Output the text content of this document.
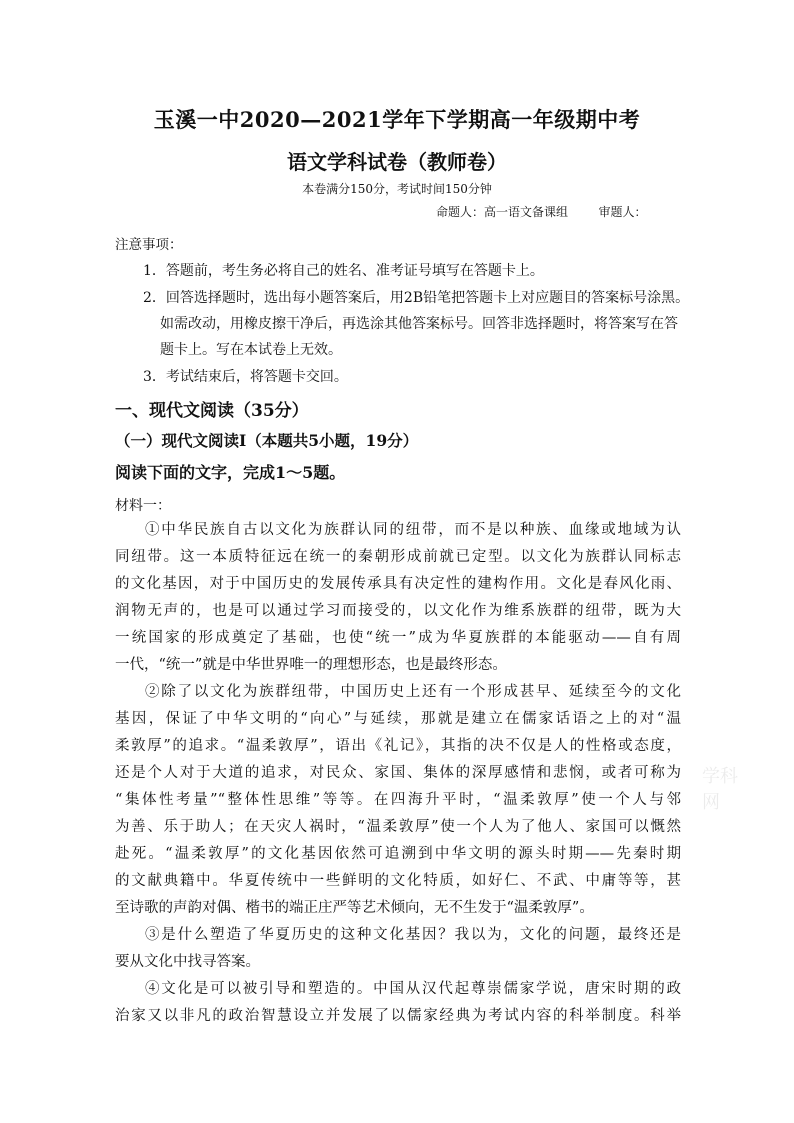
玉溪一中2020—2021学年下学期高一年级期中考
语文学科试卷（教师卷）
本卷满分150分，考试时间150分钟
命题人：高一语文备课组        审题人：
注意事项：
1．答题前，考生务必将自己的姓名、准考证号填写在答题卡上。
2．回答选择题时，选出每小题答案后，用2B铅笔把答题卡上对应题目的答案标号涂黑。
如需改动，用橡皮擦干净后，再选涂其他答案标号。回答非选择题时，将答案写在答
题卡上。写在本试卷上无效。
3．考试结束后，将答题卡交回。
一、现代文阅读（35分）
（一）现代文阅读Ⅰ（本题共5小题，19分）
阅读下面的文字，完成1～5题。
材料一：
①中华民族自古以文化为族群认同的纽带，而不是以种族、血缘或地域为认
同纽带。这一本质特征远在统一的秦朝形成前就已定型。以文化为族群认同标志
的文化基因，对于中国历史的发展传承具有决定性的建构作用。文化是春风化雨、
润物无声的，也是可以通过学习而接受的，以文化作为维系族群的纽带，既为大
一统国家的形成奠定了基础，也使“统一”成为华夏族群的本能驱动——自有周
一代，“统一”就是中华世界唯一的理想形态，也是最终形态。
②除了以文化为族群纽带，中国历史上还有一个形成甚早、延续至今的文化
基因，保证了中华文明的“向心”与延续，那就是建立在儒家话语之上的对“温
柔敦厚”的追求。“温柔敦厚”，语出《礼记》，其指的决不仅是人的性格或态度，
还是个人对于大道的追求，对民众、家国、集体的深厚感情和悲悯，或者可称为
“集体性考量”“整体性思维”等等。在四海升平时，“温柔敦厚”使一个人与邻
为善、乐于助人；在天灾人祸时，“温柔敦厚”使一个人为了他人、家国可以慨然
赴死。“温柔敦厚”的文化基因依然可追溯到中华文明的源头时期——先秦时期
的文献典籍中。华夏传统中一些鲜明的文化特质，如好仁、不武、中庸等等，甚
至诗歌的声韵对偶、楷书的端正庄严等艺术倾向，无不生发于“温柔敦厚”。
③是什么塑造了华夏历史的这种文化基因？我以为，文化的问题，最终还是
要从文化中找寻答案。
④文化是可以被引导和塑造的。中国从汉代起尊崇儒家学说，唐宋时期的政
治家又以非凡的政治智慧设立并发展了以儒家经典为考试内容的科举制度。科举
学科网
